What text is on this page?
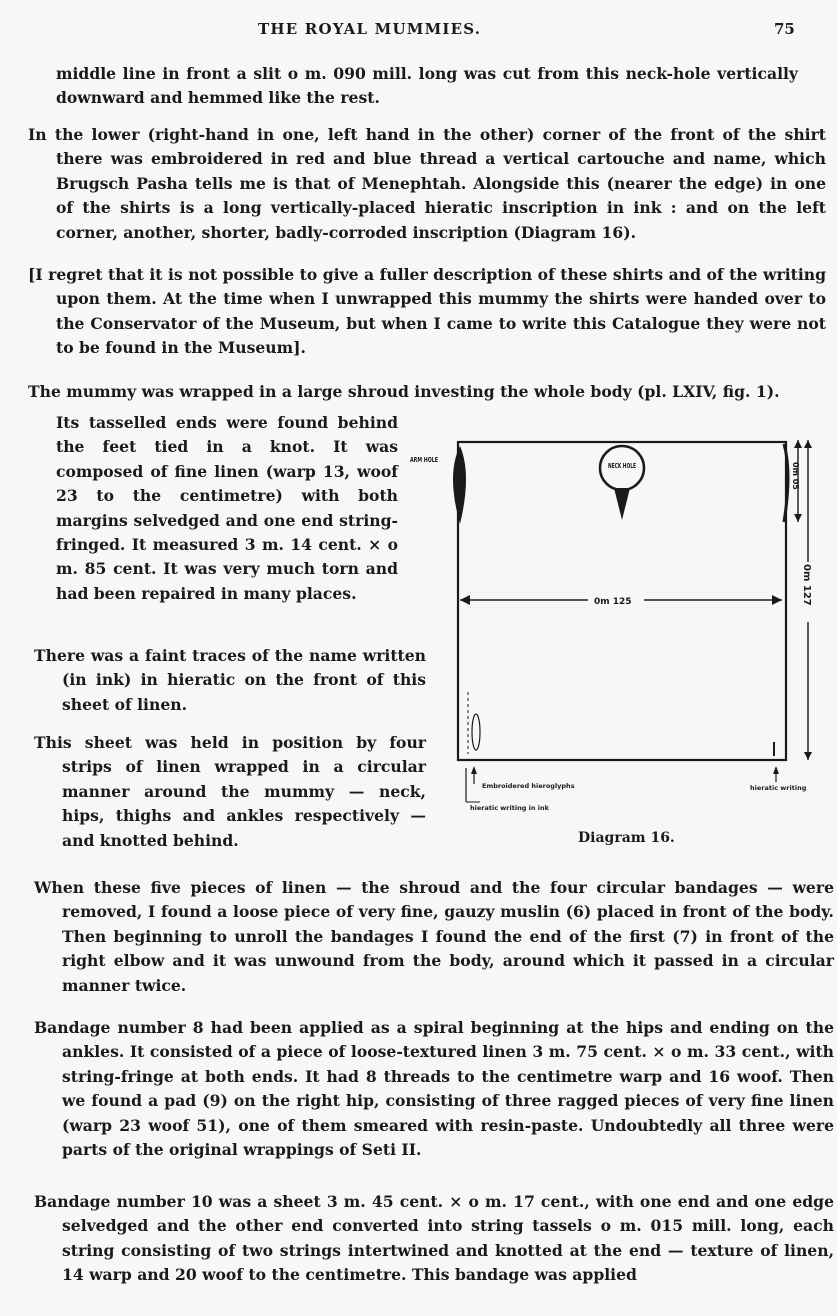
THE ROYAL MUMMIES.	75

middle line in front a slit o m. 090 mill. long was cut from this neck-hole vertically downward and hemmed like the rest.

In the lower (right-hand in one, left hand in the other) corner of the front of the shirt there was embroidered in red and blue thread a vertical cartouche and name, which Brugsch Pasha tells me is that of Menephtah. Alongside this (nearer the edge) in one of the shirts is a long vertically-placed hieratic inscription in ink : and on the left corner, another, shorter, badly-corroded inscription (Diagram 16).

[I regret that it is not possible to give a fuller description of these shirts and of the writing upon them. At the time when I unwrapped this mummy the shirts were handed over to the Conservator of the Museum, but when I came to write this Catalogue they were not to be found in the Museum].

The mummy was wrapped in a large shroud investing the whole body (pl. LXIV, fig. 1).

Its tasselled ends were found behind the feet tied in a knot. It was composed of fine linen (warp 13, woof 23 to the centimetre) with both margins selvedged and one end string-fringed. It measured 3 m. 14 cent. × o m. 85 cent. It was very much torn and had been repaired in many places.

There was a faint traces of the name written (in ink) in hieratic on the front of this sheet of linen.

This sheet was held in position by four strips of linen wrapped in a circular manner around the mummy — neck, hips, thighs and ankles respectively — and knotted behind.

ARM HOLE
NECK HOLE
0m 125
0m 05
0m 127
Embroidered hieroglyphs
hieratic writing in ink
hieratic writing
Diagram 16.

When these five pieces of linen — the shroud and the four circular bandages — were removed, I found a loose piece of very fine, gauzy muslin (6) placed in front of the body. Then beginning to unroll the bandages I found the end of the first (7) in front of the right elbow and it was unwound from the body, around which it passed in a circular manner twice.

Bandage number 8 had been applied as a spiral beginning at the hips and ending on the ankles. It consisted of a piece of loose-textured linen 3 m. 75 cent. × o m. 33 cent., with string-fringe at both ends. It had 8 threads to the centimetre warp and 16 woof. Then we found a pad (9) on the right hip, consisting of three ragged pieces of very fine linen (warp 23 woof 51), one of them smeared with resin-paste. Undoubtedly all three were parts of the original wrappings of Seti II.

Bandage number 10 was a sheet 3 m. 45 cent. × o m. 17 cent., with one end and one edge selvedged and the other end converted into string tassels o m. 015 mill. long, each string consisting of two strings intertwined and knotted at the end — texture of linen, 14 warp and 20 woof to the centimetre. This bandage was applied
